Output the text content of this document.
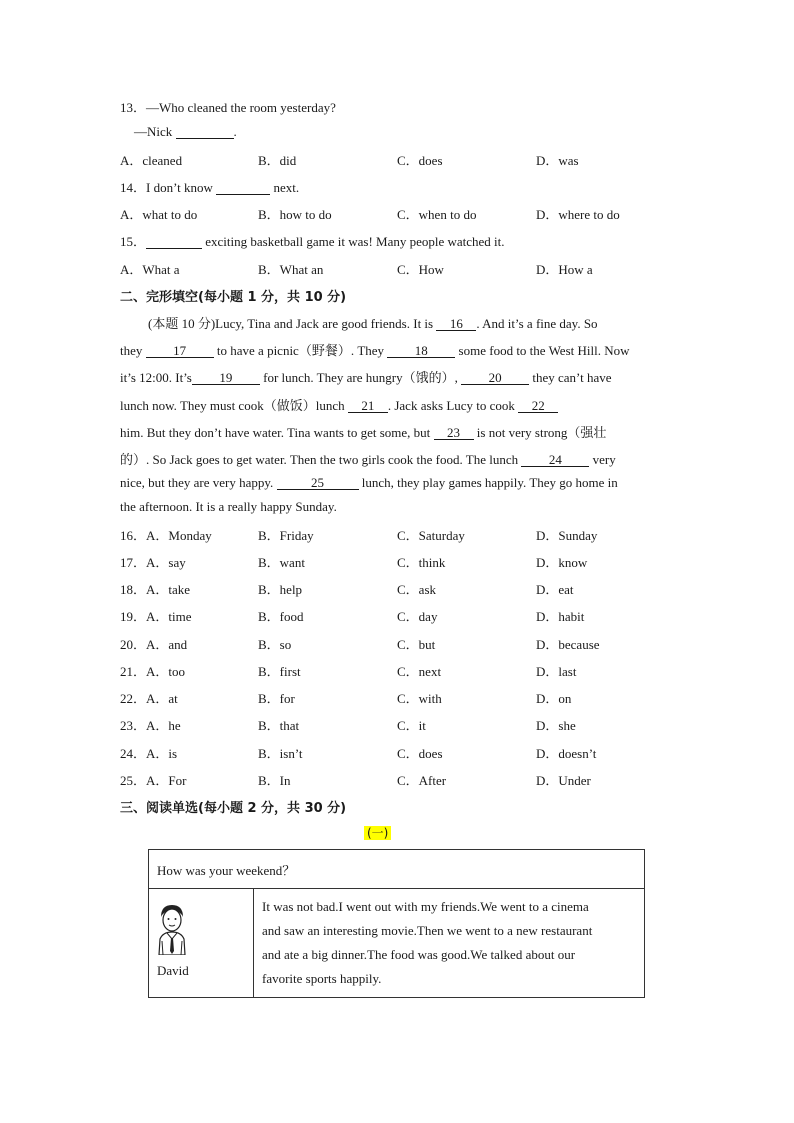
13．—Who cleaned the room yesterday?
—Nick	.
A．cleaned	B．did	C．does	D．was
14．I don’t know	next.
A．what to do	B．how to do	C．when to do	D．where to do
15．	exciting basketball game it was! Many people watched it.
A．What a	B．What an	C．How	D．How a
二、完形填空(每小题 1 分，共 10 分)
(本题 10 分)Lucy, Tina and Jack are good friends. It is 16 . And it’s a fine day. So
they 17 to have a picnic（野餐）. They 18 some food to the West Hill. Now
it’s 12:00. It’s 19 for lunch. They are hungry（饿的）, 20 they can’t have
lunch now. They must cook（做饭）lunch 21 . Jack asks Lucy to cook 22
him. But they don’t have water. Tina wants to get some, but 23 is not very strong（强壮
的）. So Jack goes to get water. Then the two girls cook the food. The lunch 24 very
nice, but they are very happy.	25	lunch, they play games happily. They go home in
the afternoon. It is a really happy Sunday.
16．A．Monday	B．Friday	C．Saturday	D．Sunday
17．A．say	B．want	C．think	D．know
18．A．take	B．help	C．ask	D．eat
19．A．time	B．food	C．day	D．habit
20．A．and	B．so	C．but	D．because
21．A．too	B．first	C．next	D．last
22．A．at	B．for	C．with	D．on
23．A．he	B．that	C．it	D．she
24．A．is	B．isn’t	C．does	D．doesn’t
25．A．For	B．In	C．After	D．Under
三、阅读单选(每小题 2 分，共 30 分)
(一)
How was your weekend？

David

It was not bad.I went out with my friends.We went to a cinema
and saw an interesting movie.Then we went to a new restaurant
and ate a big dinner.The food was good.We talked about our
favorite sports happily.
